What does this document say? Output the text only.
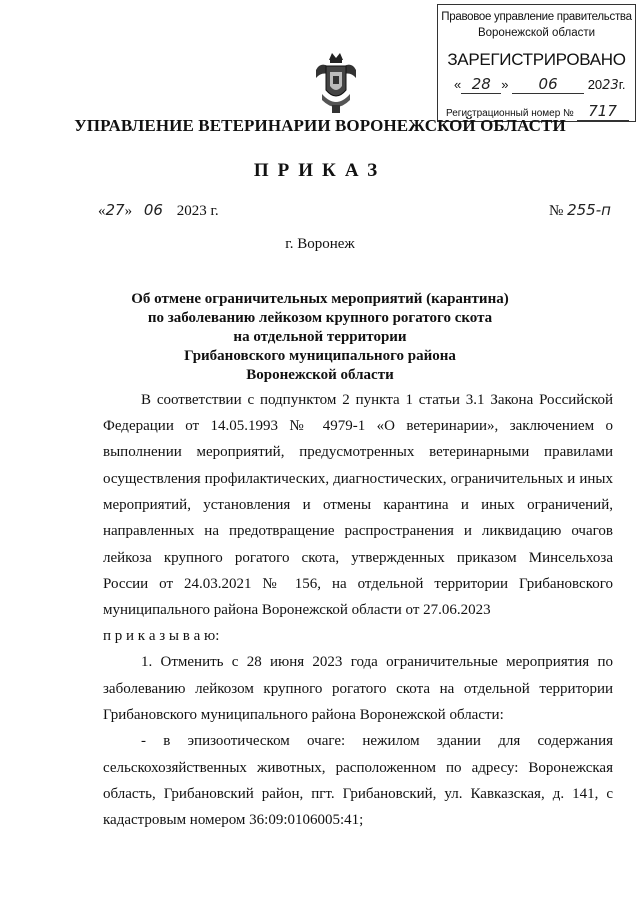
Правовое управление правительства
Воронежской области
ЗАРЕГИСТРИРОВАНО
« 28 » 06 2023г.
Регистрационный номер № 717
УПРАВЛЕНИЕ ВЕТЕРИНАРИИ ВОРОНЕЖСКОЙ ОБЛАСТИ
ПРИКАЗ
«27» 06 2023 г.	№ 255-п
г. Воронеж
Об отмене ограничительных мероприятий (карантина)
по заболеванию лейкозом крупного рогатого скота
на отдельной территории
Грибановского муниципального района
Воронежской области
В соответствии с подпунктом 2 пункта 1 статьи 3.1 Закона Российской
Федерации от 14.05.1993 № 4979-1 «О ветеринарии», заключением о
выполнении мероприятий, предусмотренных ветеринарными правилами
осуществления профилактических, диагностических, ограничительных и иных
мероприятий, установления и отмены карантина и иных ограничений,
направленных на предотвращение распространения и ликвидацию очагов
лейкоза крупного рогатого скота, утвержденных приказом Минсельхоза
России от 24.03.2021 № 156, на отдельной территории Грибановского
муниципального района Воронежской области от 27.06.2023
п р и к а з ы в а ю:
1. Отменить с 28 июня 2023 года ограничительные мероприятия по
заболеванию лейкозом крупного рогатого скота на отдельной территории
Грибановского муниципального района Воронежской области:
- в эпизоотическом очаге: нежилом здании для содержания
сельскохозяйственных животных, расположенном по адресу: Воронежская
область, Грибановский район, пгт. Грибановский, ул. Кавказская, д. 141, с
кадастровым номером 36:09:0106005:41;
